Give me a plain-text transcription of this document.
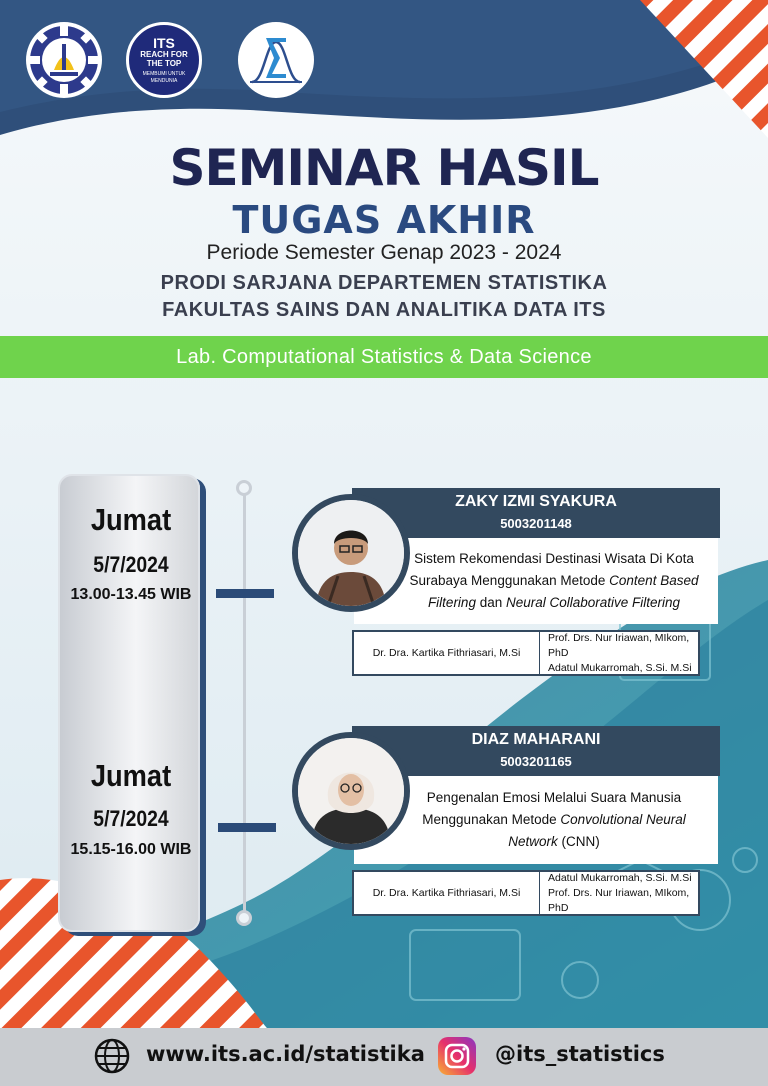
ITS
REACH FOR THE TOP
MEMBUMI UNTUK MENDUNIA
SEMINAR HASIL
TUGAS AKHIR
Periode Semester Genap 2023 - 2024
PRODI SARJANA DEPARTEMEN STATISTIKA
FAKULTAS SAINS DAN ANALITIKA DATA ITS
Lab. Computational Statistics & Data Science
Jumat
5/7/2024
13.00-13.45 WIB
Jumat
5/7/2024
15.15-16.00 WIB
ZAKY IZMI SYAKURA
5003201148
Sistem Rekomendasi Destinasi Wisata Di Kota Surabaya Menggunakan Metode Content Based Filtering dan Neural Collaborative Filtering
Dr. Dra. Kartika Fithriasari, M.Si
Prof. Drs. Nur Iriawan, MIkom, PhD
Adatul Mukarromah, S.Si. M.Si
DIAZ MAHARANI
5003201165
Pengenalan Emosi Melalui Suara Manusia Menggunakan Metode Convolutional Neural Network (CNN)
Dr. Dra. Kartika Fithriasari, M.Si
Adatul Mukarromah, S.Si. M.Si
Prof. Drs. Nur Iriawan, MIkom, PhD
www.its.ac.id/statistika	@its_statistics
